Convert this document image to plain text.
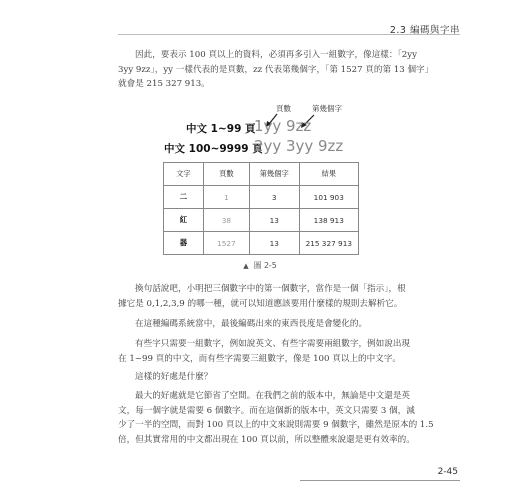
2.3 編碼與字串

因此，要表示 100 頁以上的資料，必須再多引入一組數字，像這樣：「2yy
3yy 9zz」，yy 一樣代表的是頁數，zz 代表第幾個字，「第 1527 頁的第 13 個字」
就會是 215 327 913。

頁數	第幾個字
中文 1~99 頁
1yy 9zz
中文 100~9999 頁
2yy 3yy 9zz
文字	頁數	第幾個字	結果
二	1	3	101 903
紅	38	13	138 913
器	1527	13	215 327 913
▲ 圖 2-5

換句話說吧，小明把三個數字中的第一個數字，當作是一個「指示」，根
據它是 0,1,2,3,9 的哪一種，就可以知道應該要用什麼樣的規則去解析它。

在這種編碼系統當中，最後編碼出來的東西長度是會變化的。

有些字只需要一組數字，例如說英文、有些字需要兩組數字，例如說出現
在 1~99 頁的中文，而有些字需要三組數字，像是 100 頁以上的中文字。

這樣的好處是什麼？

最大的好處就是它節省了空間。在我們之前的版本中，無論是中文還是英
文，每一個字就是需要 6 個數字。而在這個新的版本中，英文只需要 3 個，減
少了一半的空間，而對 100 頁以上的中文來說則需要 9 個數字，雖然是原本的 1.5
倍，但其實常用的中文都出現在 100 頁以前，所以整體來說還是更有效率的。

2-45
